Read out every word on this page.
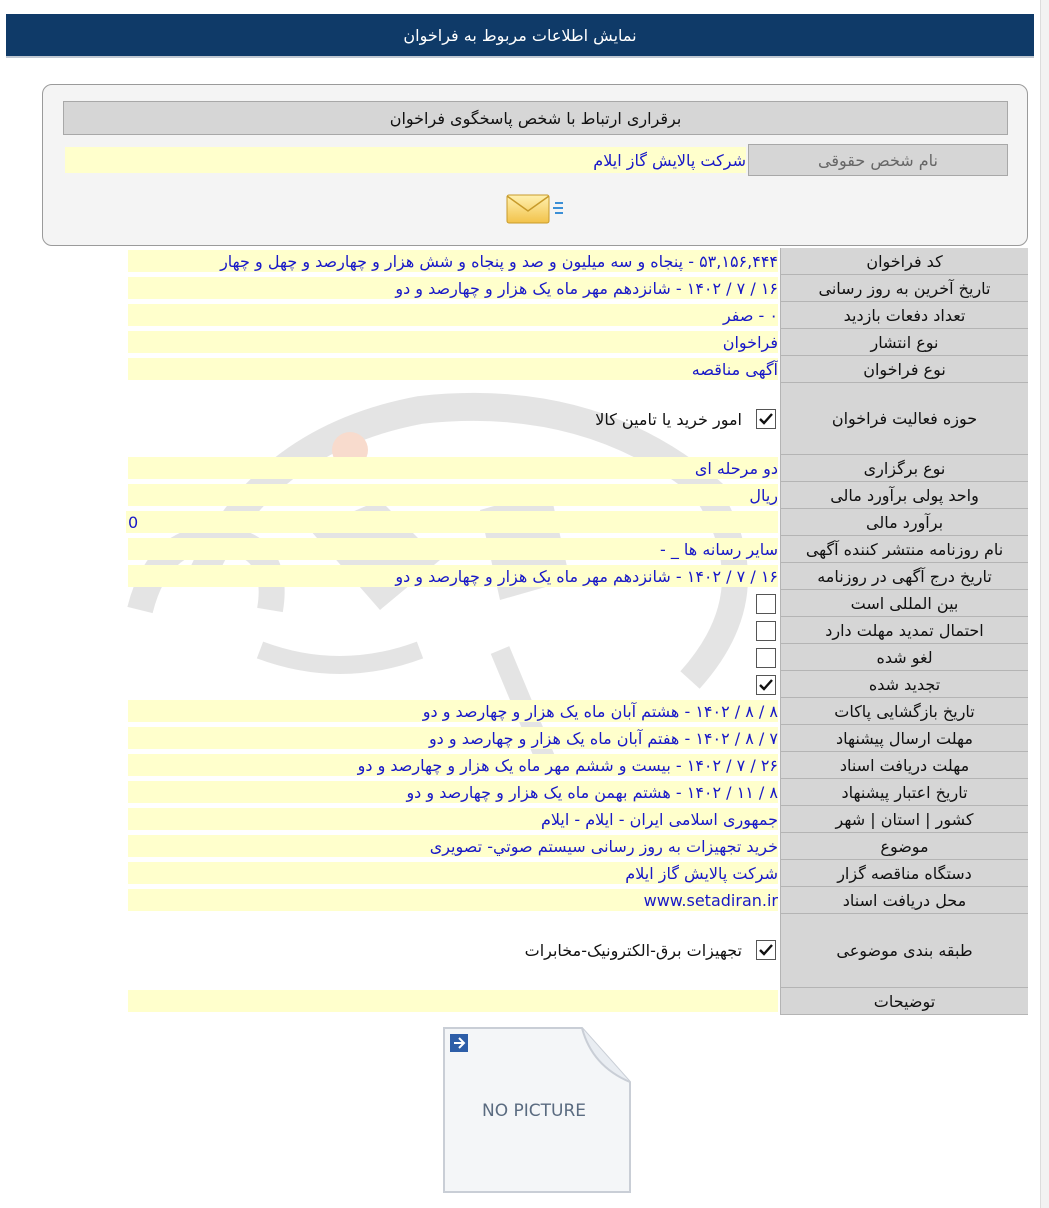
نمایش اطلاعات مربوط به فراخوان
برقراری ارتباط با شخص پاسخگوی فراخوان
نام شخص حقوقی
شرکت پالایش گاز ایلام
کد فراخوان
۵۳,۱۵۶,۴۴۴ - پنجاه و سه میلیون و صد و پنجاه و شش هزار و چهارصد و چهل و چهار
تاریخ آخرین به روز رسانی
۱۶ / ۷ / ۱۴۰۲ - شانزدهم مهر ماه یک هزار و چهارصد و دو
تعداد دفعات بازدید
۰ - صفر
نوع انتشار
فراخوان
نوع فراخوان
آگهی مناقصه
حوزه فعالیت فراخوان
امور خرید یا تامین کالا
نوع برگزاری
دو مرحله ای
واحد پولی برآورد مالی
ریال
برآورد مالی
0
نام روزنامه منتشر کننده آگهی
سایر رسانه ها _ -
تاریخ درج آگهی در روزنامه
۱۶ / ۷ / ۱۴۰۲ - شانزدهم مهر ماه یک هزار و چهارصد و دو
بین المللی است
احتمال تمدید مهلت دارد
لغو شده
تجدید شده
تاریخ بازگشایی پاکات
۸ / ۸ / ۱۴۰۲ - هشتم آبان ماه یک هزار و چهارصد و دو
مهلت ارسال پیشنهاد
۷ / ۸ / ۱۴۰۲ - هفتم آبان ماه یک هزار و چهارصد و دو
مهلت دریافت اسناد
۲۶ / ۷ / ۱۴۰۲ - بیست و ششم مهر ماه یک هزار و چهارصد و دو
تاریخ اعتبار پیشنهاد
۸ / ۱۱ / ۱۴۰۲ - هشتم بهمن ماه یک هزار و چهارصد و دو
کشور | استان | شهر
جمهوری اسلامی ایران - ایلام - ایلام
موضوع
خرید تجهیزات به روز رسانی سیستم صوتي- تصویری
دستگاه مناقصه گزار
شرکت پالایش گاز ایلام
محل دریافت اسناد
www.setadiran.ir
طبقه بندی موضوعی
تجهیزات برق-الکترونیک-مخابرات
توضیحات
NO PICTURE
